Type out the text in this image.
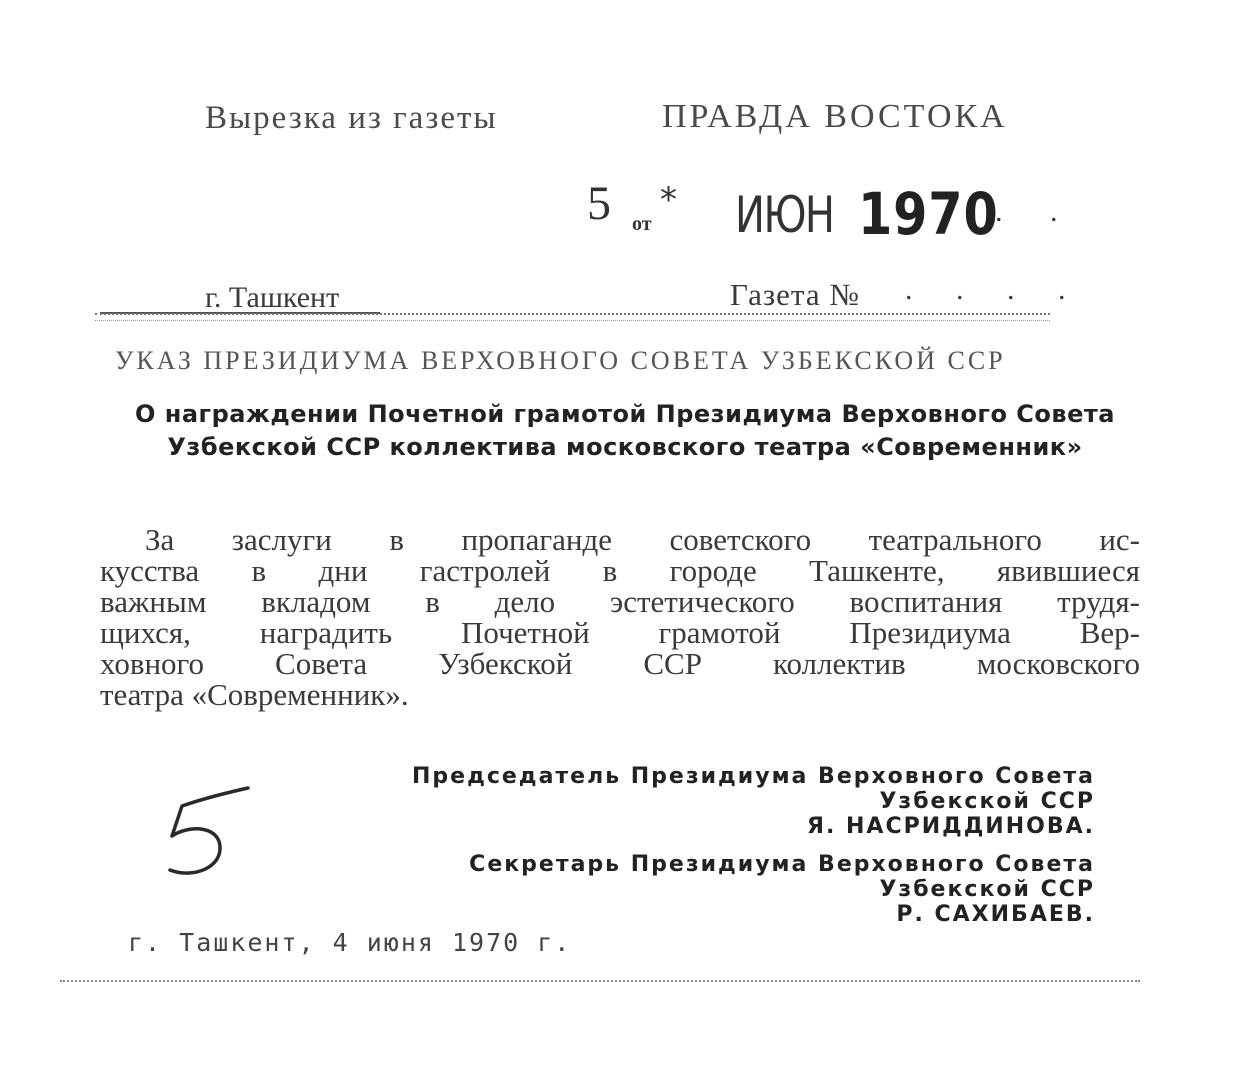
Вырезка из газеты	ПРАВДА ВОСТОКА
5 от
* ИЮН 1970
. .
г. Ташкент	Газета № . . . .
УКАЗ ПРЕЗИДИУМА ВЕРХОВНОГО СОВЕТА УЗБЕКСКОЙ ССР
О награждении Почетной грамотой Президиума Верховного Совета Узбекской ССР коллектива московского театра «Современник»

За заслуги в пропаганде советского театрального ис-

кусства в дни гастролей в городе Ташкенте, явившиеся

важным вкладом в дело эстетического воспитания трудя-

щихся, наградить Почетной грамотой Президиума Вер-

ховного Совета Узбекской ССР коллектив московского

театра «Современник».

Председатель Президиума Верховного Совета
Узбекской ССР
Я. НАСРИДДИНОВА.
Секретарь Президиума Верховного Совета
Узбекской ССР
Р. САХИБАЕВ.
г. Ташкент, 4 июня 1970 г.
